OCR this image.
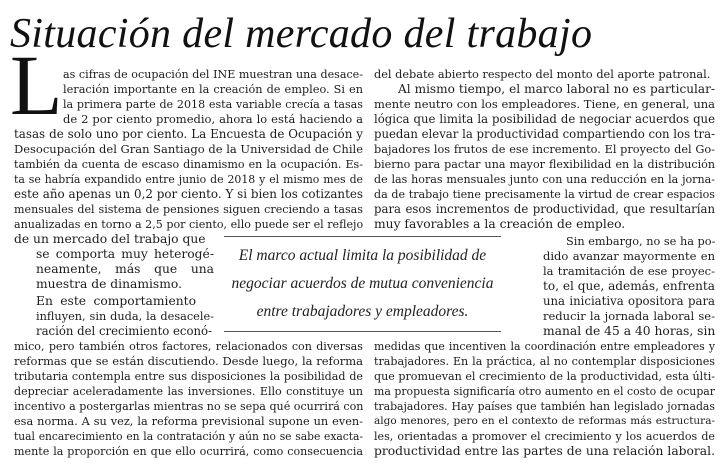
Situación del mercado del trabajo
L as cifras de ocupación del INE muestran una desace-
leración importante en la creación de empleo. Si en
la primera parte de 2018 esta variable crecía a tasas
de 2 por ciento promedio, ahora lo está haciendo a
tasas de solo uno por ciento. La Encuesta de Ocupación y
Desocupación del Gran Santiago de la Universidad de Chile
también da cuenta de escaso dinamismo en la ocupación. Es-
ta se habría expandido entre junio de 2018 y el mismo mes de
este año apenas un 0,2 por ciento. Y si bien los cotizantes
mensuales del sistema de pensiones siguen creciendo a tasas
anualizadas en torno a 2,5 por ciento, ello puede ser el reflejo
de un mercado del trabajo que
se comporta muy heterogé-
neamente, más que una
muestra de dinamismo.
En este comportamiento
influyen, sin duda, la desacele-
ración del crecimiento econó-
mico, pero también otros factores, relacionados con diversas
reformas que se están discutiendo. Desde luego, la reforma
tributaria contempla entre sus disposiciones la posibilidad de
depreciar aceleradamente las inversiones. Ello constituye un
incentivo a postergarlas mientras no se sepa qué ocurrirá con
esa norma. A su vez, la reforma previsional supone un even-
tual encarecimiento en la contratación y aún no se sabe exacta-
mente la proporción en que ello ocurrirá, como consecuencia

El marco actual limita la posibilidad de negociar acuerdos de mutua conveniencia entre trabajadores y empleadores.

del debate abierto respecto del monto del aporte patronal.
Al mismo tiempo, el marco laboral no es particular-
mente neutro con los empleadores. Tiene, en general, una
lógica que limita la posibilidad de negociar acuerdos que
puedan elevar la productividad compartiendo con los tra-
bajadores los frutos de ese incremento. El proyecto del Go-
bierno para pactar una mayor flexibilidad en la distribución
de las horas mensuales junto con una reducción en la jorna-
da de trabajo tiene precisamente la virtud de crear espacios
para esos incrementos de productividad, que resultarían
muy favorables a la creación de empleo.
Sin embargo, no se ha po-
dido avanzar mayormente en
la tramitación de ese proyec-
to, el que, además, enfrenta
una iniciativa opositora para
reducir la jornada laboral se-
manal de 45 a 40 horas, sin
medidas que incentiven la coordinación entre empleadores y
trabajadores. En la práctica, al no contemplar disposiciones
que promuevan el crecimiento de la productividad, esta últi-
ma propuesta significaría otro aumento en el costo de ocupar
trabajadores. Hay países que también han legislado jornadas
algo menores, pero en el contexto de reformas más estructura-
les, orientadas a promover el crecimiento y los acuerdos de
productividad entre las partes de una relación laboral.
